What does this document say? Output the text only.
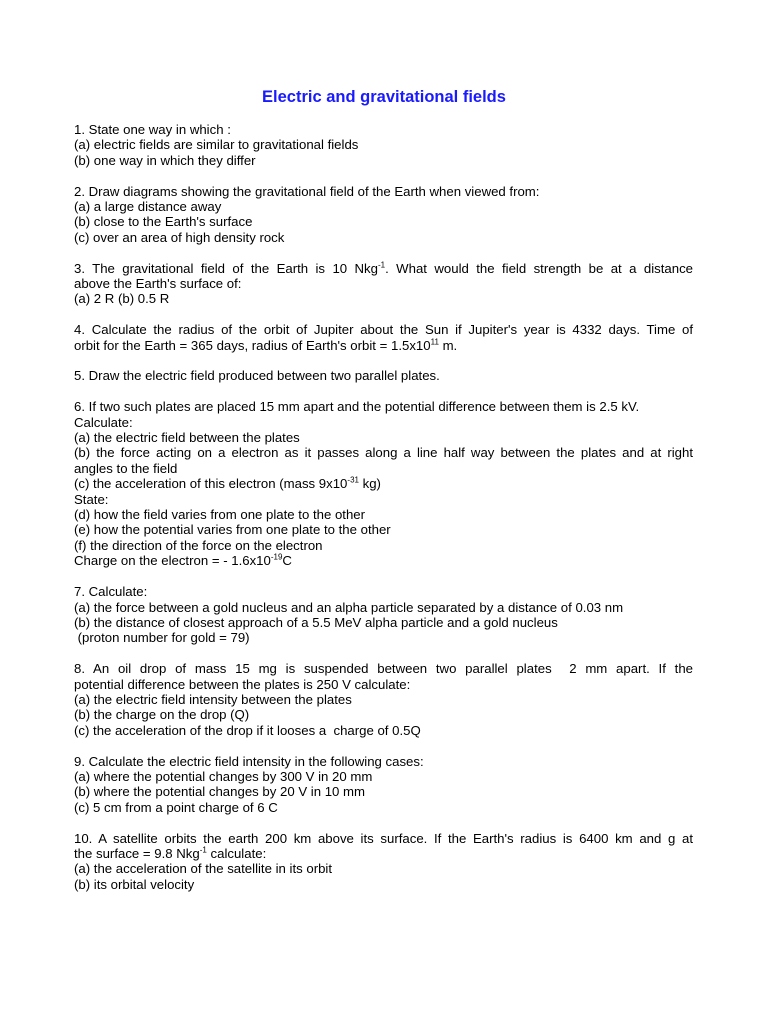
Electric and gravitational fields
1. State one way in which :
(a) electric fields are similar to gravitational fields
(b) one way in which they differ
2. Draw diagrams showing the gravitational field of the Earth when viewed from:
(a) a large distance away
(b) close to the Earth's surface
(c) over an area of high density rock
3. The gravitational field of the Earth is 10 Nkg$^{-1}$. What would the field strength be at a distance
above the Earth's surface of:
(a) 2 R (b) 0.5 R
4. Calculate the radius of the orbit of Jupiter about the Sun if Jupiter's year is 4332 days. Time of
orbit for the Earth = 365 days, radius of Earth's orbit = $1.5x10^{11}$ m.
5. Draw the electric field produced between two parallel plates.
6. If two such plates are placed 15 mm apart and the potential difference between them is 2.5 kV.
Calculate:
(a) the electric field between the plates
(b) the force acting on a electron as it passes along a line half way between the plates and at right
angles to the field
(c) the acceleration of this electron (mass $9x10^{-31}$ kg)
State:
(d) how the field varies from one plate to the other
(e) how the potential varies from one plate to the other
(f) the direction of the force on the electron
Charge on the electron = - $1.6x10^{-19}C$
7. Calculate:
(a) the force between a gold nucleus and an alpha particle separated by a distance of 0.03 nm
(b) the distance of closest approach of a 5.5 MeV alpha particle and a gold nucleus
(proton number for gold = 79)
8. An oil drop of mass 15 mg is suspended between two parallel plates  2 mm apart. If the
potential difference between the plates is 250 V calculate:
(a) the electric field intensity between the plates
(b) the charge on the drop (Q)
(c) the acceleration of the drop if it looses a  charge of 0.5Q
9. Calculate the electric field intensity in the following cases:
(a) where the potential changes by 300 V in 20 mm
(b) where the potential changes by 20 V in 10 mm
(c) 5 cm from a point charge of 6 C
10. A satellite orbits the earth 200 km above its surface. If the Earth's radius is 6400 km and g at
the surface = 9.8 Nkg$^{-1}$ calculate:
(a) the acceleration of the satellite in its orbit
(b) its orbital velocity
